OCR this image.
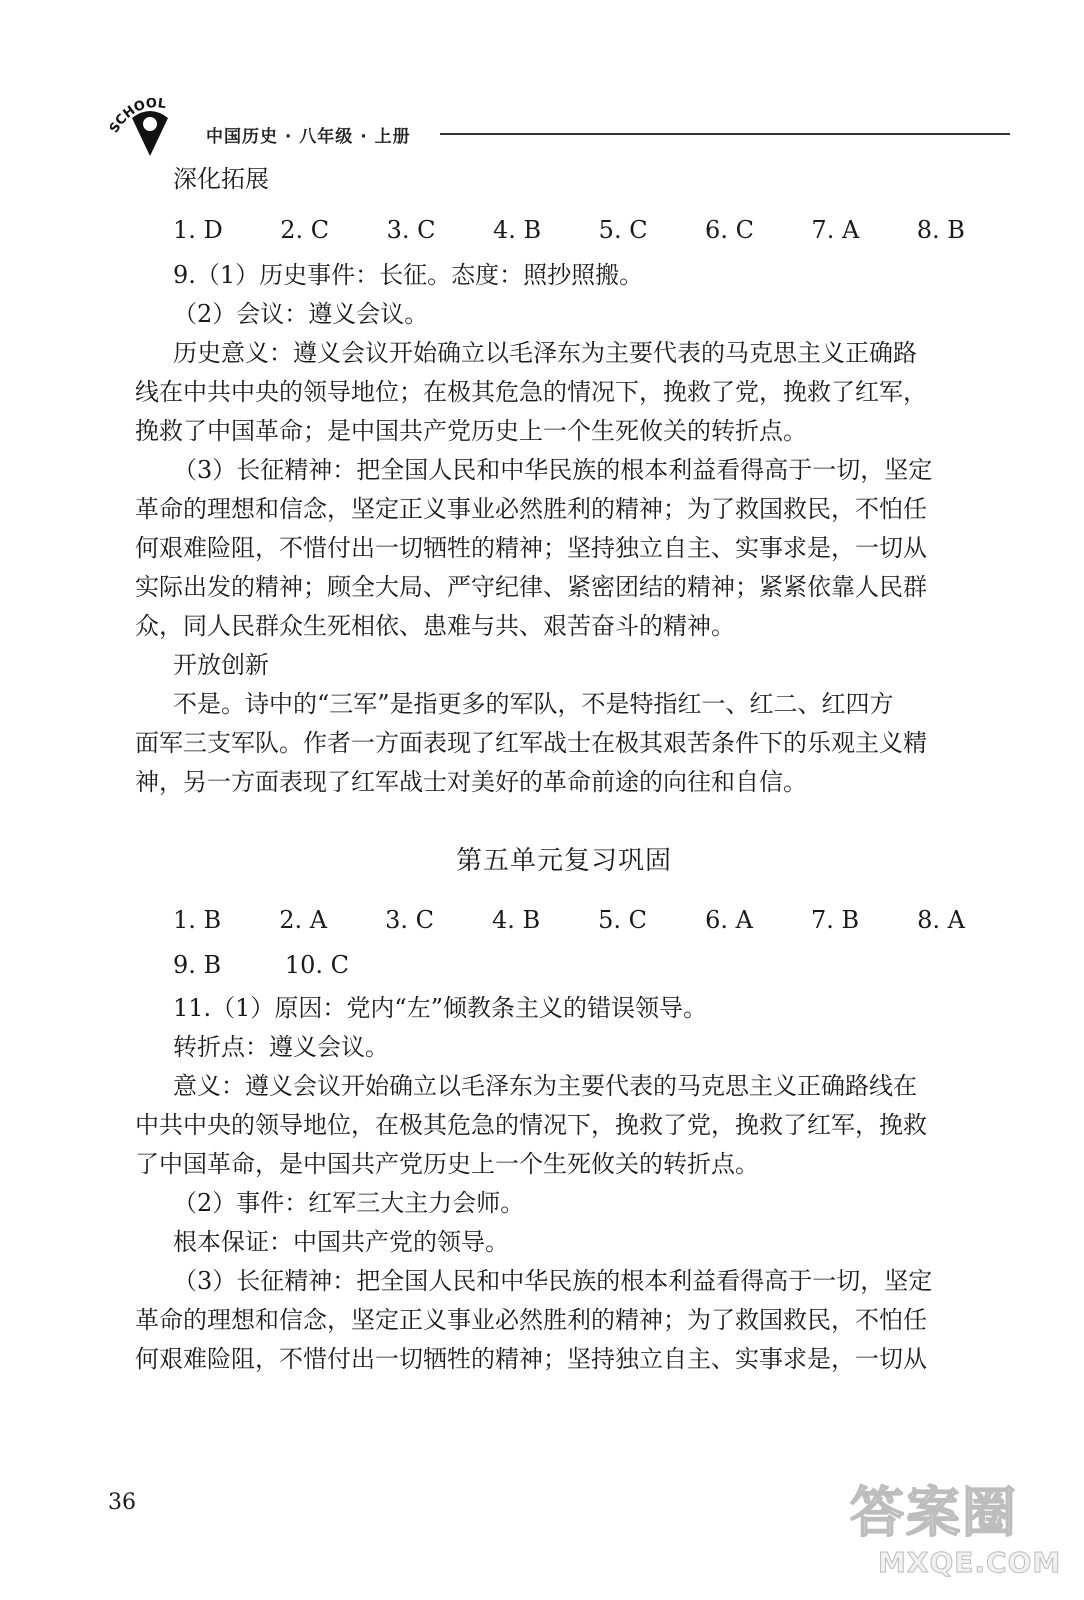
CHOOL
中国历史 · 八年级 · 上册

深化拓展

1. D 2. C 3. C 4. B 5. C 6. C 7. A 8. B

9.（1）历史事件：长征。态度：照抄照搬。

（2）会议：遵义会议。

历史意义：遵义会议开始确立以毛泽东为主要代表的马克思主义正确路

线在中共中央的领导地位；在极其危急的情况下，挽救了党，挽救了红军，

挽救了中国革命；是中国共产党历史上一个生死攸关的转折点。

（3）长征精神：把全国人民和中华民族的根本利益看得高于一切，坚定

革命的理想和信念，坚定正义事业必然胜利的精神；为了救国救民，不怕任

何艰难险阻，不惜付出一切牺牲的精神；坚持独立自主、实事求是，一切从

实际出发的精神；顾全大局、严守纪律、紧密团结的精神；紧紧依靠人民群

众，同人民群众生死相依、患难与共、艰苦奋斗的精神。

开放创新

不是。诗中的“三军”是指更多的军队，不是特指红一、红二、红四方

面军三支军队。作者一方面表现了红军战士在极其艰苦条件下的乐观主义精

神，另一方面表现了红军战士对美好的革命前途的向往和自信。

第五单元复习巩固
1. B 2. A 3. C 4. B 5. C 6. A 7. B 8. A
9. B	10. C

11.（1）原因：党内“左”倾教条主义的错误领导。

转折点：遵义会议。

意义：遵义会议开始确立以毛泽东为主要代表的马克思主义正确路线在

中共中央的领导地位，在极其危急的情况下，挽救了党，挽救了红军，挽救

了中国革命，是中国共产党历史上一个生死攸关的转折点。

（2）事件：红军三大主力会师。

根本保证：中国共产党的领导。

（3）长征精神：把全国人民和中华民族的根本利益看得高于一切，坚定

革命的理想和信念，坚定正义事业必然胜利的精神；为了救国救民，不怕任

何艰难险阻，不惜付出一切牺牲的精神；坚持独立自主、实事求是，一切从

36	答案圈
MXQE.COM
